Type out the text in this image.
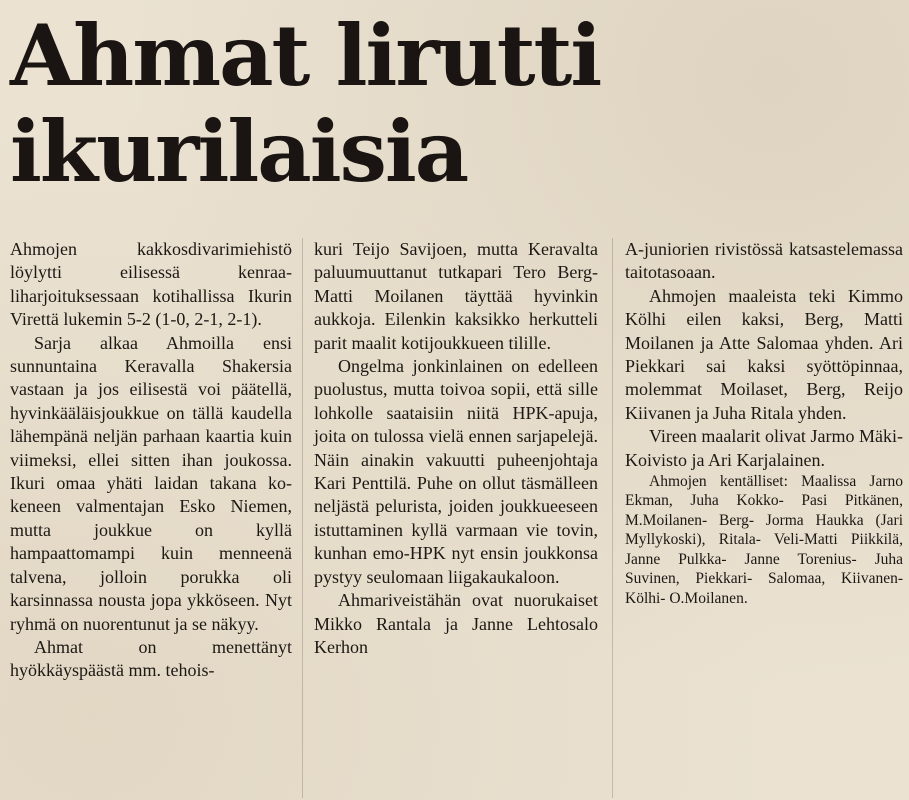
Ahmat lirutti
ikurilaisia

Ahmojen kakkosdivarimiehistö löylytti eilisessä kenraaliharjoituksessaan kotihallissa Ikurin Virettä lukemin 5-2 (1-0, 2-1, 2-1).

Sarja alkaa Ahmoilla ensi sunnuntaina Keravalla Shakersia vastaan ja jos eilisestä voi päätellä, hyvinkääläisjoukkue on tällä kaudella lähempänä neljän parhaan kaartia kuin viimeksi, ellei sitten ihan joukossa. Ikuri omaa yhäti laidan takana kokeneen valmentajan Esko Niemen, mutta joukkue on kyllä hampaattomampi kuin menneenä talvena, jolloin porukka oli karsinnassa nousta jopa ykköseen. Nyt ryhmä on nuorentunut ja se näkyy.

Ahmat on menettänyt hyökkäyspäästä mm. tehois-

kuri Teijo Savijoen, mutta Keravalta paluumuuttanut tutkapari Tero Berg- Matti Moilanen täyttää hyvinkin aukkoja. Eilenkin kaksikko herkutteli parit maalit kotijoukkueen tilille.

Ongelma jonkinlainen on edelleen puolustus, mutta toivoa sopii, että sille lohkolle saataisiin niitä HPK-apuja, joita on tulossa vielä ennen sarjapelejä. Näin ainakin vakuutti puheenjohtaja Kari Penttilä. Puhe on ollut täsmälleen neljästä pelurista, joiden joukkueeseen istuttaminen kyllä varmaan vie tovin, kunhan emo-HPK nyt ensin joukkonsa pystyy seulomaan liigakaukaloon.

Ahmariveistähän ovat nuorukaiset Mikko Rantala ja Janne Lehtosalo Kerhon

A-juniorien rivistössä katsastelemassa taitotasoaan.

Ahmojen maaleista teki Kimmo Kölhi eilen kaksi, Berg, Matti Moilanen ja Atte Salomaa yhden. Ari Piekkari sai kaksi syöttöpinnaa, molemmat Moilaset, Berg, Reijo Kiivanen ja Juha Ritala yhden.

Vireen maalarit olivat Jarmo Mäki-Koivisto ja Ari Karjalainen.

Ahmojen kentälliset: Maalissa Jarno Ekman, Juha Kokko- Pasi Pitkänen, M.Moilanen- Berg- Jorma Haukka (Jari Myllykoski), Ritala- Veli-Matti Piikkilä, Janne Pulkka- Janne Torenius- Juha Suvinen, Piekkari- Salomaa, Kiivanen- Kölhi- O.Moilanen.
